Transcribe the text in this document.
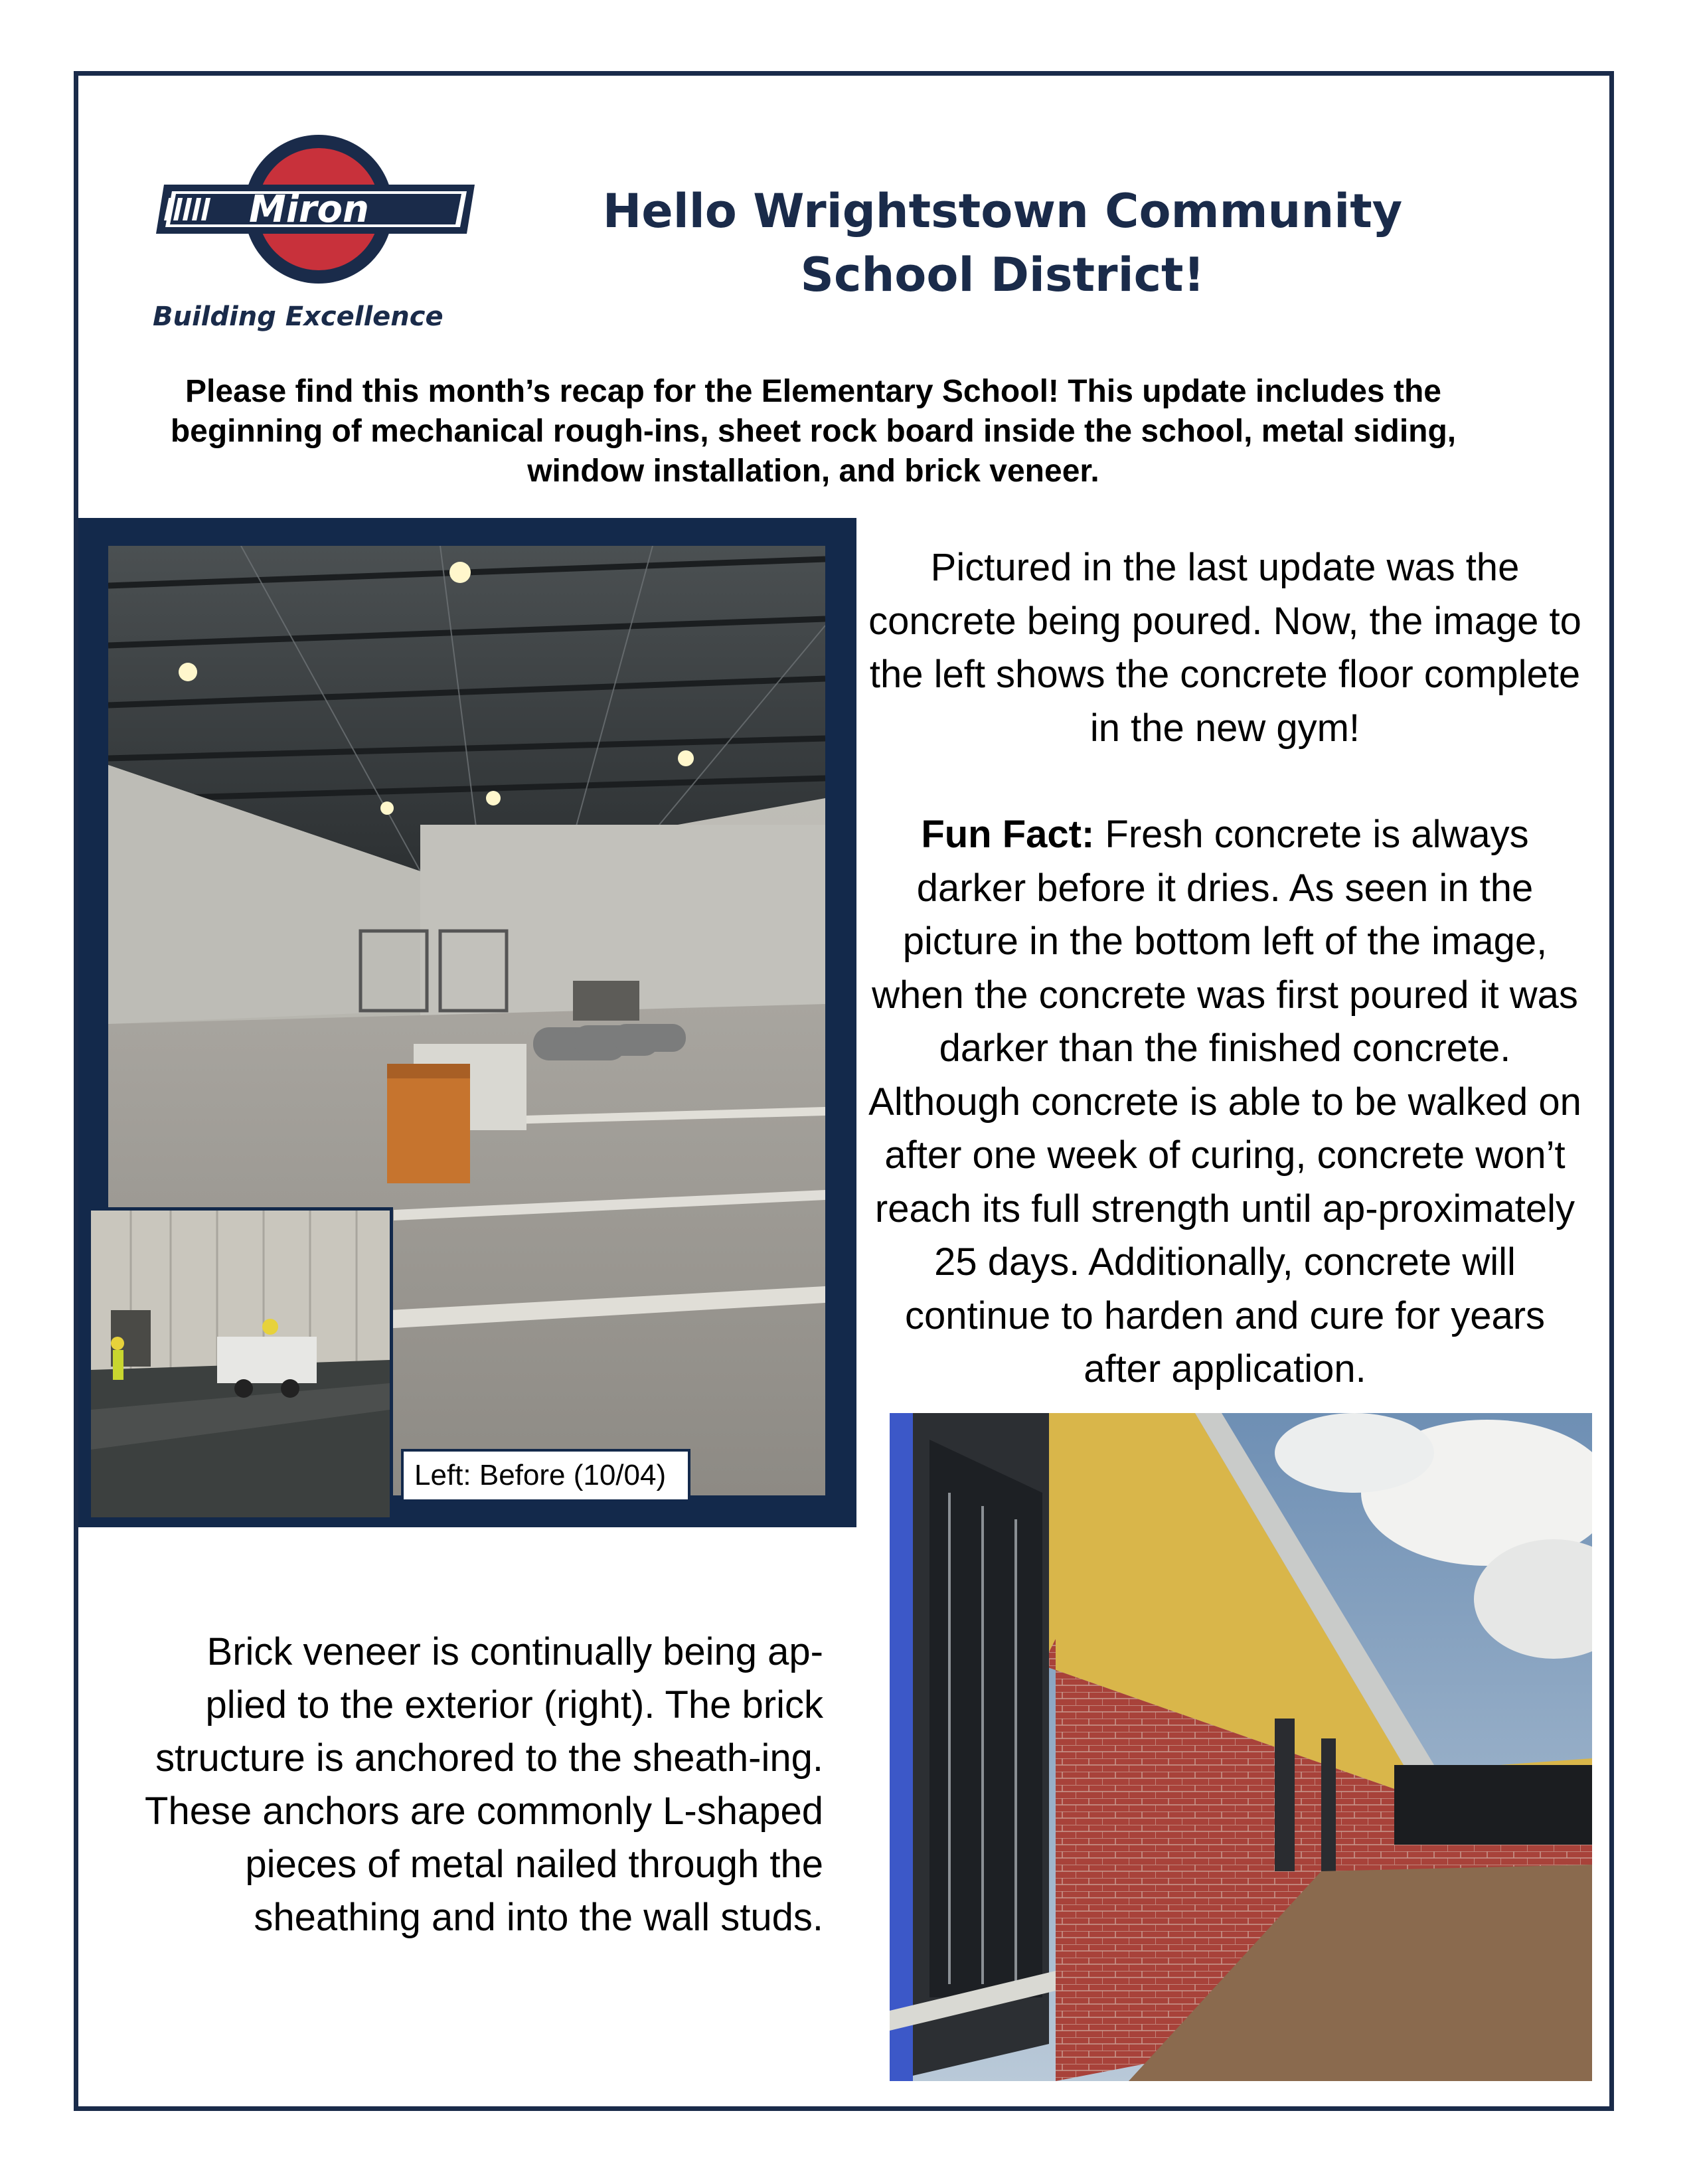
Miron
Building Excellence
Hello Wrightstown Community
School District!

Please find this month’s recap for the Elementary School! This update includes the beginning of mechanical rough-ins, sheet rock board inside the school, metal siding, window installation, and brick veneer.

Left: Before (10/04)

Pictured in the last update was the concrete being poured. Now, the image to the left shows the concrete floor complete in the new gym!

Fun Fact: Fresh concrete is always darker before it dries. As seen in the picture in the bottom left of the image, when the concrete was first poured it was darker than the finished concrete. Although concrete is able to be walked on after one week of curing, concrete won’t reach its full strength until ap-proximately 25 days. Additionally, concrete will continue to harden and cure for years after application.

Brick veneer is continually being ap-plied to the exterior (right). The brick structure is anchored to the sheath-ing. These anchors are commonly L-shaped pieces of metal nailed through the sheathing and into the wall studs.
